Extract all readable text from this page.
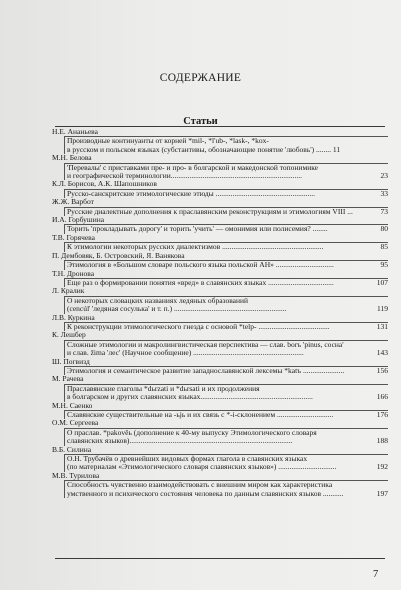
СОДЕРЖАНИЕ
Статьи

Н.Е. Ананьева

Производные континуанты от корней *mil-, *l'ub-, *lask-, *kox-
в русском и польском языках (субстантивы, обозначающие понятие 'любовь') ........ 11

М.Н. Белова

'Перевалы' с приставками пре- и про- в болгарской и македонской топонимике
и географической терминологии......................................................................	23

К.Л. Борисов, А.К. Шапошников

Русско-санскритские этимологические этюды .....................................................	33

Ж.Ж. Варбот

Русские диалектные дополнения к праславянским реконструкциям и этимологиям VIII ...	73

И.А. Горбушина

Торить 'прокладывать дорогу' и торить 'учить' — омонимия или полисемия? ........	80

Т.В. Горячева

К этимологии некоторых русских диалектизмов ......................................................	85

П. Дембовяк, Б. Островский, Я. Ванякова

Этимология в «Большом словаре польского языка польской АН» ...............................	95

Т.Н. Дронова

Еще раз о формировании понятия «вред» в славянских языках ...................................	107

Л. Кралик

О некоторых словацких названиях ледяных образований
(cencúľ 'ледяная сосулька' и т. п.) ............................................................	119

Л.В. Куркина

К реконструкции этимологического гнезда с основой *telp- ......................................	131

К. Лешбер

Сложные этимологии и макролингвистическая перспектива — слав. borъ 'pinus, сосна'
и слав. žima 'лес' (Научное сообщение) ...........................................................	143

Ш. Погвизд

Этимология и семантическое развитие западнославянской лексемы *katъ ......................	156

М. Рачева

Праславянские глаголы *dьrzati и *dьrsati и их продолжения
в болгарском и других славянских языках............................................................	166

М.Н. Саенко

Славянские существительные на -ьjь и их связь с *-i-склонением ..............................	176

О.М. Сергеева

О праслав. *pakověь (дополнение к 40-му выпуску Этимологического словаря
славянских языков).......................................................................................	188

В.Б. Силина

О.Н. Трубачёв о древнейших видовых формах глагола в славянских языках
(по материалам «Этимологического словаря славянских языков») ...............................	192

М.В. Турилова

Способность чувственно взаимодействовать с внешним миром как характеристика
умственного и психического состояния человека по данным славянских языков ...........	197
7
